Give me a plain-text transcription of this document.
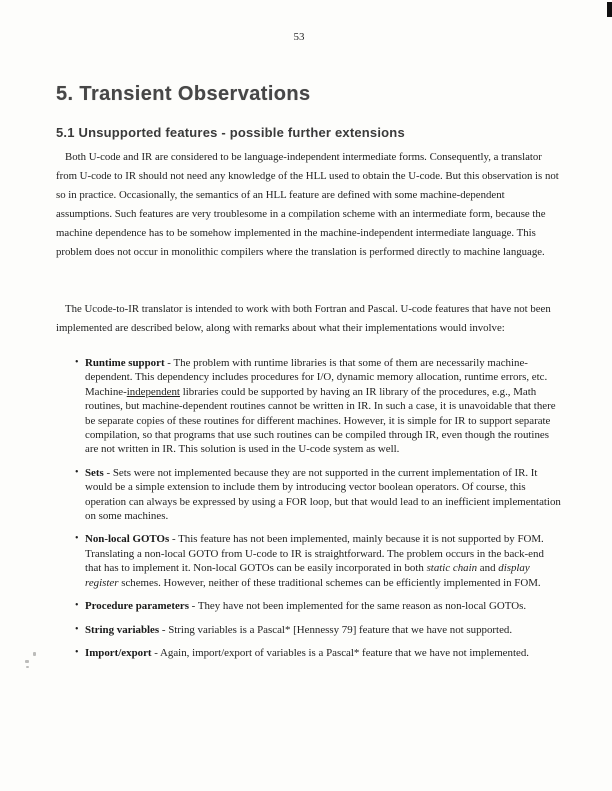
53
5. Transient Observations
5.1 Unsupported features - possible further extensions

Both U-code and IR are considered to be language-independent intermediate forms. Consequently, a translator from U-code to IR should not need any knowledge of the HLL used to obtain the U-code. But this observation is not so in practice. Occasionally, the semantics of an HLL feature are defined with some machine-dependent assumptions. Such features are very troublesome in a compilation scheme with an intermediate form, because the machine dependence has to be somehow implemented in the machine-independent intermediate language. This problem does not occur in monolithic compilers where the translation is performed directly to machine language.

The Ucode-to-IR translator is intended to work with both Fortran and Pascal. U-code features that have not been implemented are described below, along with remarks about what their implementations would involve:

• Runtime support - The problem with runtime libraries is that some of them are necessarily machine-dependent. This dependency includes procedures for I/O, dynamic memory allocation, runtime errors, etc. Machine-independent libraries could be supported by having an IR library of the procedures, e.g., Math routines, but machine-dependent routines cannot be written in IR. In such a case, it is unavoidable that there be separate copies of these routines for different machines. However, it is simple for IR to support separate compilation, so that programs that use such routines can be compiled through IR, even though the routines are not written in IR. This solution is used in the U-code system as well.
• Sets - Sets were not implemented because they are not supported in the current implementation of IR. It would be a simple extension to include them by introducing vector boolean operators. Of course, this operation can always be expressed by using a FOR loop, but that would lead to an inefficient implementation on some machines.
• Non-local GOTOs - This feature has not been implemented, mainly because it is not supported by FOM. Translating a non-local GOTO from U-code to IR is straightforward. The problem occurs in the back-end that has to implement it. Non-local GOTOs can be easily incorporated in both static chain and display register schemes. However, neither of these traditional schemes can be efficiently implemented in FOM.
• Procedure parameters - They have not been implemented for the same reason as non-local GOTOs.
• String variables - String variables is a Pascal* [Hennessy 79] feature that we have not supported.
• Import/export - Again, import/export of variables is a Pascal* feature that we have not implemented.
